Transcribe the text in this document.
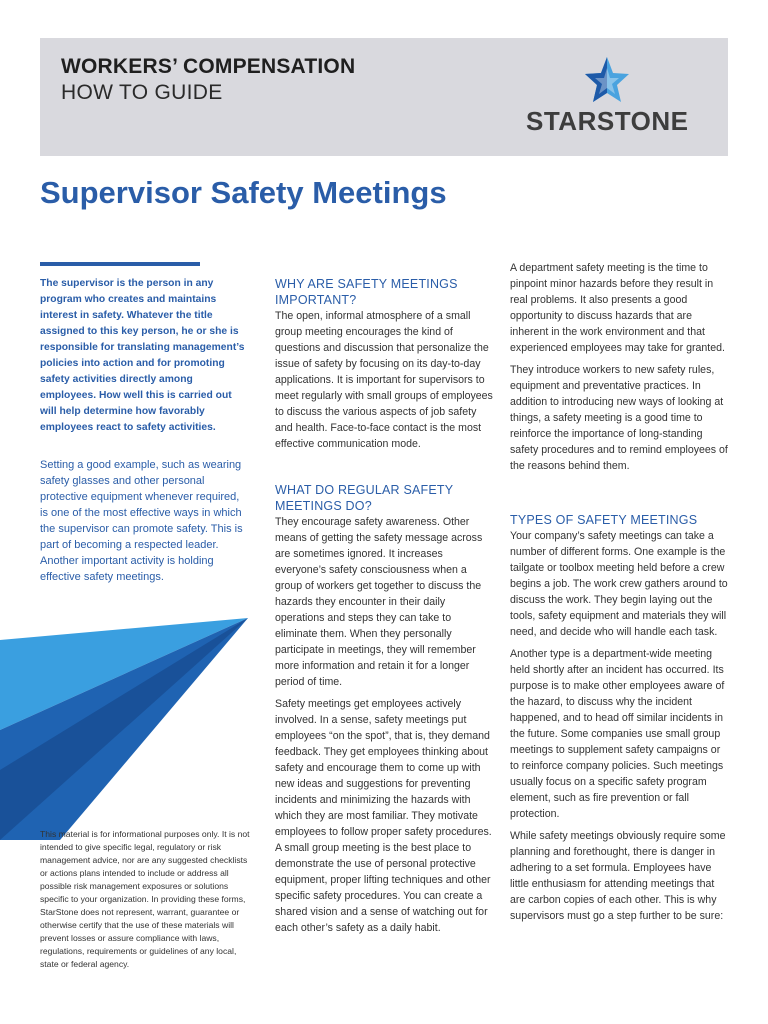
WORKERS’ COMPENSATION
HOW TO GUIDE
STARSTONE
Supervisor Safety Meetings

The supervisor is the person in any program who creates and maintains interest in safety. Whatever the title assigned to this key person, he or she is responsible for translating management’s policies into action and for promoting safety activities directly among employees. How well this is carried out will help determine how favorably employees react to safety activities.

Setting a good example, such as wearing safety glasses and other personal protective equipment whenever required, is one of the most effective ways in which the supervisor can promote safety. This is part of becoming a respected leader. Another important activity is holding effective safety meetings.

This material is for informational purposes only. It is not intended to give specific legal, regulatory or risk management advice, nor are any suggested checklists or actions plans intended to include or address all possible risk management exposures or solutions specific to your organization. In providing these forms, StarStone does not represent, warrant, guarantee or otherwise certify that the use of these materials will prevent losses or assure compliance with laws, regulations, requirements or guidelines of any local, state or federal agency.

WHY ARE SAFETY MEETINGS IMPORTANT?

The open, informal atmosphere of a small group meeting encourages the kind of questions and discussion that personalize the issue of safety by focusing on its day-to-day applications. It is important for supervisors to meet regularly with small groups of employees to discuss the various aspects of job safety and health. Face-to-face contact is the most effective communication mode.

WHAT DO REGULAR SAFETY MEETINGS DO?

They encourage safety awareness. Other means of getting the safety message across are sometimes ignored. It increases everyone’s safety consciousness when a group of workers get together to discuss the hazards they encounter in their daily operations and steps they can take to eliminate them. When they personally participate in meetings, they will remember more information and retain it for a longer period of time.

Safety meetings get employees actively involved. In a sense, safety meetings put employees “on the spot”, that is, they demand feedback. They get employees thinking about safety and encourage them to come up with new ideas and suggestions for preventing incidents and minimizing the hazards with which they are most familiar. They motivate employees to follow proper safety procedures. A small group meeting is the best place to demonstrate the use of personal protective equipment, proper lifting techniques and other specific safety procedures. You can create a shared vision and a sense of watching out for each other’s safety as a daily habit.

A department safety meeting is the time to pinpoint minor hazards before they result in real problems. It also presents a good opportunity to discuss hazards that are inherent in the work environment and that experienced employees may take for granted.

They introduce workers to new safety rules, equipment and preventative practices. In addition to introducing new ways of looking at things, a safety meeting is a good time to reinforce the importance of long-standing safety procedures and to remind employees of the reasons behind them.

TYPES OF SAFETY MEETINGS

Your company’s safety meetings can take a number of different forms. One example is the tailgate or toolbox meeting held before a crew begins a job. The work crew gathers around to discuss the work. They begin laying out the tools, safety equipment and materials they will need, and decide who will handle each task.

Another type is a department-wide meeting held shortly after an incident has occurred. Its purpose is to make other employees aware of the hazard, to discuss why the incident happened, and to head off similar incidents in the future. Some companies use small group meetings to supplement safety campaigns or to reinforce company policies. Such meetings usually focus on a specific safety program element, such as fire prevention or fall protection.

While safety meetings obviously require some planning and forethought, there is danger in adhering to a set formula. Employees have little enthusiasm for attending meetings that are carbon copies of each other. This is why supervisors must go a step further to be sure:
